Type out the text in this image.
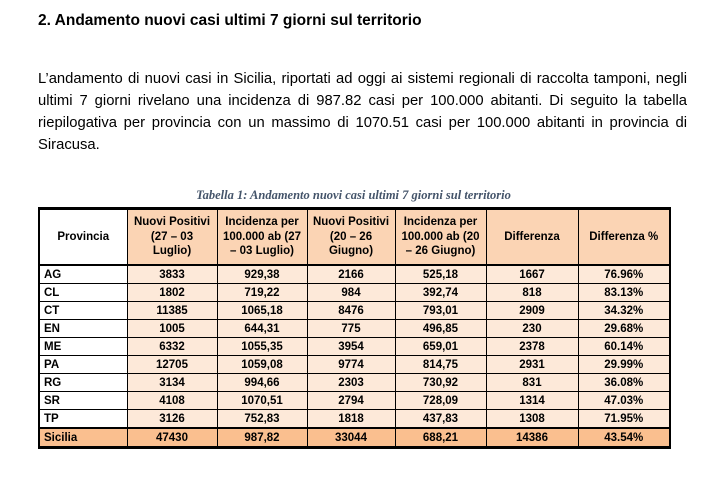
2. Andamento nuovi casi ultimi 7 giorni sul territorio
L’andamento di nuovi casi in Sicilia, riportati ad oggi ai sistemi regionali di raccolta tamponi, negli ultimi 7 giorni rivelano una incidenza di 987.82 casi per 100.000 abitanti. Di seguito la tabella riepilogativa per provincia con un massimo di 1070.51 casi per 100.000 abitanti in provincia di Siracusa.
Tabella 1: Andamento nuovi casi ultimi 7 giorni sul territorio
Provincia	Nuovi Positivi (27 – 03 Luglio)	Incidenza per 100.000 ab (27 – 03 Luglio)	Nuovi Positivi (20 – 26 Giugno)	Incidenza per 100.000 ab (20 – 26 Giugno)	Differenza	Differenza %
AG	3833	929,38	2166	525,18	1667	76.96%
CL	1802	719,22	984	392,74	818	83.13%
CT	11385	1065,18	8476	793,01	2909	34.32%
EN	1005	644,31	775	496,85	230	29.68%
ME	6332	1055,35	3954	659,01	2378	60.14%
PA	12705	1059,08	9774	814,75	2931	29.99%
RG	3134	994,66	2303	730,92	831	36.08%
SR	4108	1070,51	2794	728,09	1314	47.03%
TP	3126	752,83	1818	437,83	1308	71.95%
Sicilia	47430	987,82	33044	688,21	14386	43.54%
